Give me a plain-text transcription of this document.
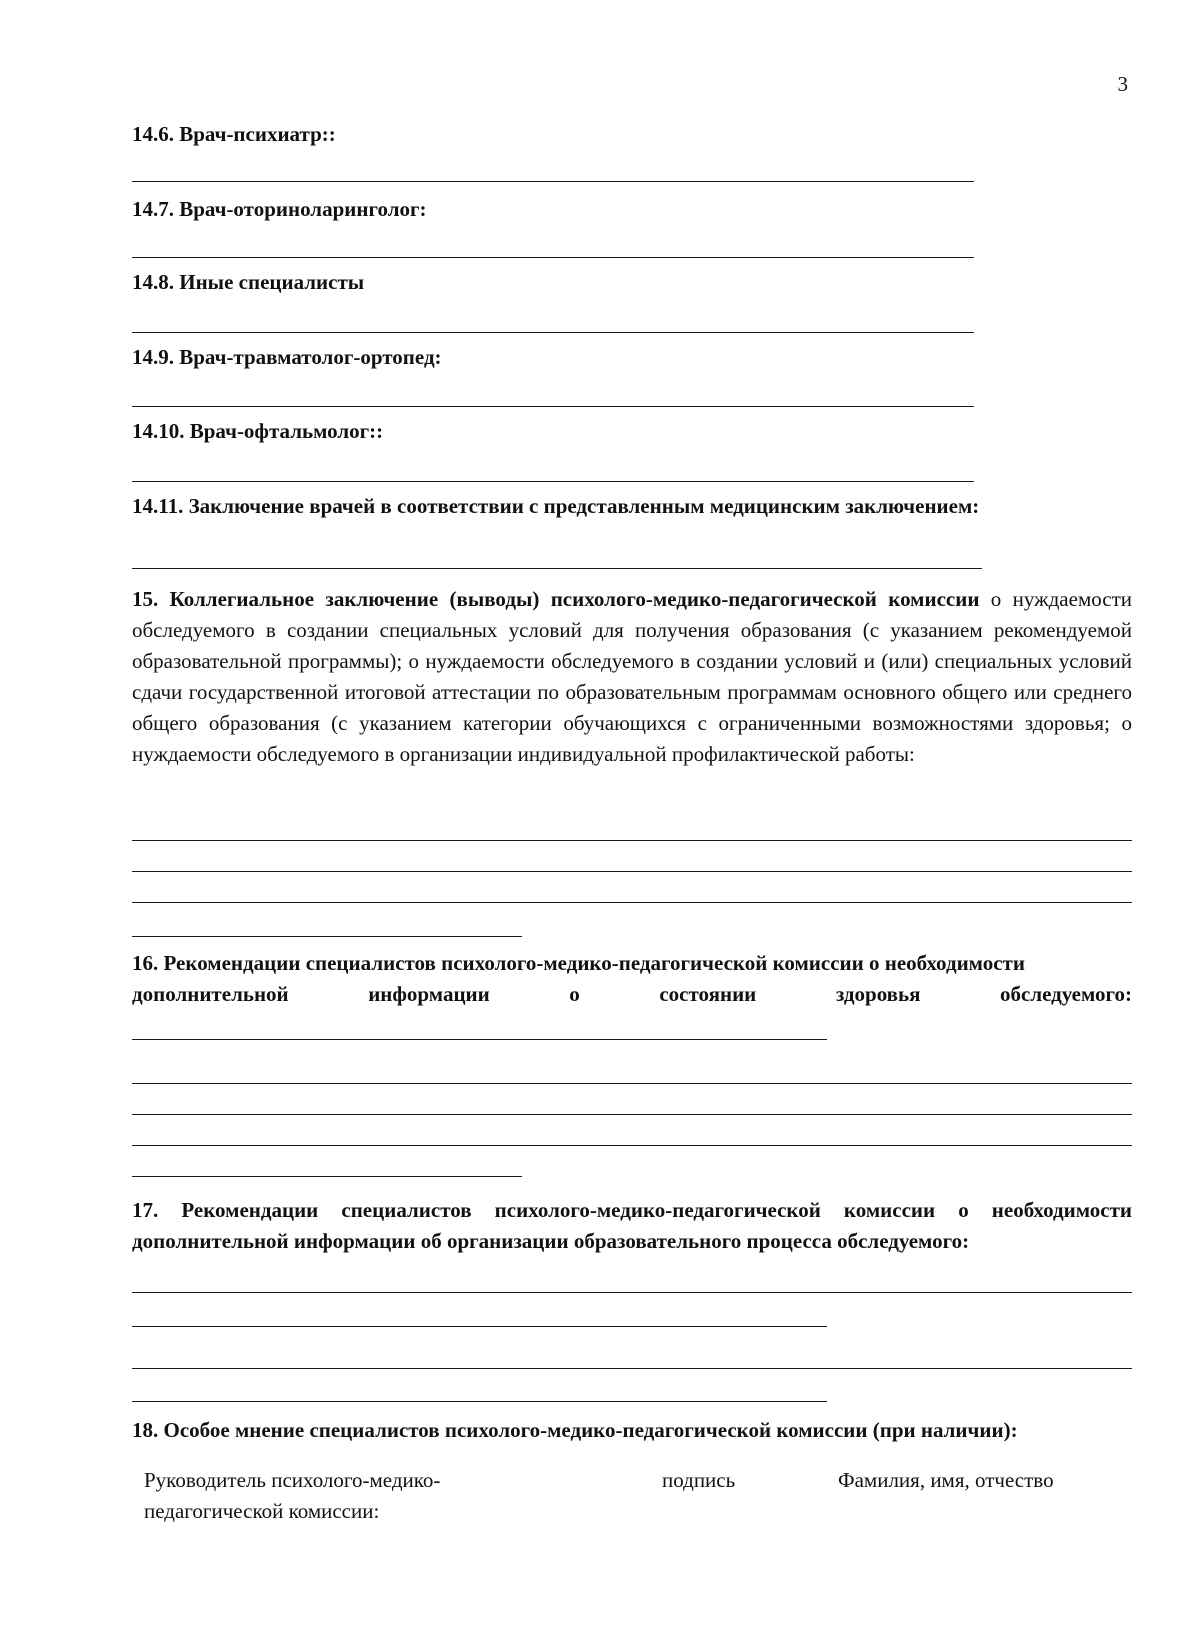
3
14.6. Врач-психиатр::
14.7. Врач-оториноларинголог:
14.8. Иные специалисты
14.9. Врач-травматолог-ортопед:
14.10. Врач-офтальмолог::
14.11. Заключение врачей в соответствии с представленным медицинским заключением:
15. Коллегиальное заключение (выводы) психолого-медико-педагогической комиссии о нуждаемости обследуемого в создании специальных условий для получения образования (с указанием рекомендуемой образовательной программы); о нуждаемости обследуемого в создании условий и (или) специальных условий сдачи государственной итоговой аттестации по образовательным программам основного общего или среднего общего образования (с указанием категории обучающихся с ограниченными возможностями здоровья; о нуждаемости обследуемого в организации индивидуальной профилактической работы:
16. Рекомендации специалистов психолого-медико-педагогической комиссии о необходимости
дополнительной информации о состоянии здоровья обследуемого:
17. Рекомендации специалистов психолого-медико-педагогической комиссии о необходимости дополнительной информации об организации образовательного процесса обследуемого:
18. Особое мнение специалистов психолого-медико-педагогической комиссии (при наличии):
Руководитель психолого-медико-
педагогической комиссии:
подпись	Фамилия, имя, отчество
